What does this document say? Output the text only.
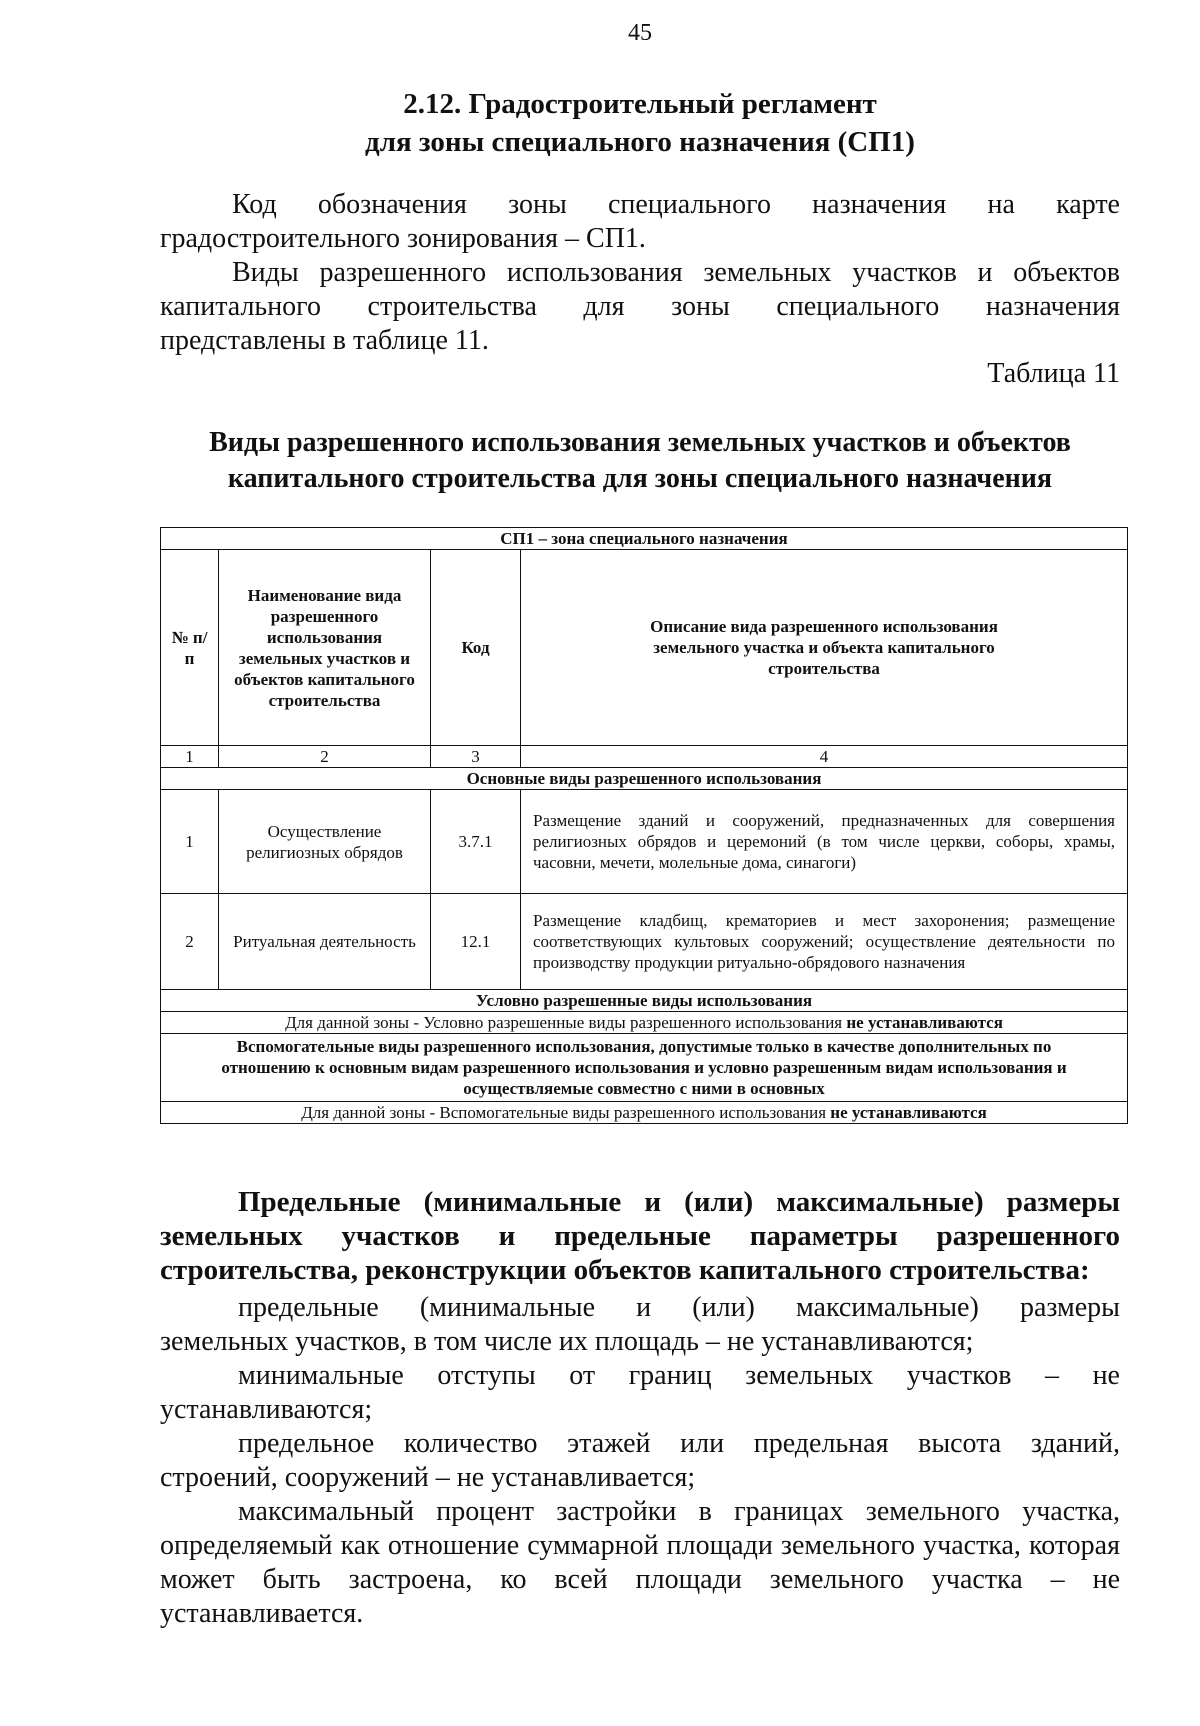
45
2.12. Градостроительный регламент
для зоны специального назначения (СП1)
Код обозначения зоны специального назначения на карте
градостроительного зонирования – СП1.
Виды разрешенного использования земельных участков и объектов
капитального строительства для зоны специального назначения
представлены в таблице 11.
Таблица 11
Виды разрешенного использования земельных участков и объектов
капитального строительства для зоны специального назначения
СП1 – зона специального назначения			
№ п/п	Наименование вида разрешенного использования земельных участков и объектов капитального строительства	Код	Описание вида разрешенного использования земельного участка и объекта капитального строительства
1	2	3	4
Основные виды разрешенного использования			
1	Осуществление религиозных обрядов	3.7.1	Размещение зданий и сооружений, предназначенных для совершения религиозных обрядов и церемоний (в том числе церкви, соборы, храмы, часовни, мечети, молельные дома, синагоги)
2	Ритуальная деятельность	12.1	Размещение кладбищ, крематориев и мест захоронения; размещение соответствующих культовых сооружений; осуществление деятельности по производству продукции ритуально-обрядового назначения
Условно разрешенные виды использования			
Для данной зоны - Условно разрешенные виды разрешенного использования не устанавливаются			
Вспомогательные виды разрешенного использования, допустимые только в качестве дополнительных по отношению к основным видам разрешенного использования и условно разрешенным видам использования и осуществляемые совместно с ними в основных			
Для данной зоны - Вспомогательные виды разрешенного использования не устанавливаются			
Предельные (минимальные и (или) максимальные) размеры
земельных участков и предельные параметры разрешенного
строительства, реконструкции объектов капитального строительства:
предельные (минимальные и (или) максимальные) размеры
земельных участков, в том числе их площадь – не устанавливаются;
минимальные отступы от границ земельных участков – не
устанавливаются;
предельное количество этажей или предельная высота зданий,
строений, сооружений – не устанавливается;
максимальный процент застройки в границах земельного участка,
определяемый как отношение суммарной площади земельного участка, которая может быть застроена, ко всей площади земельного участка – не устанавливается.
